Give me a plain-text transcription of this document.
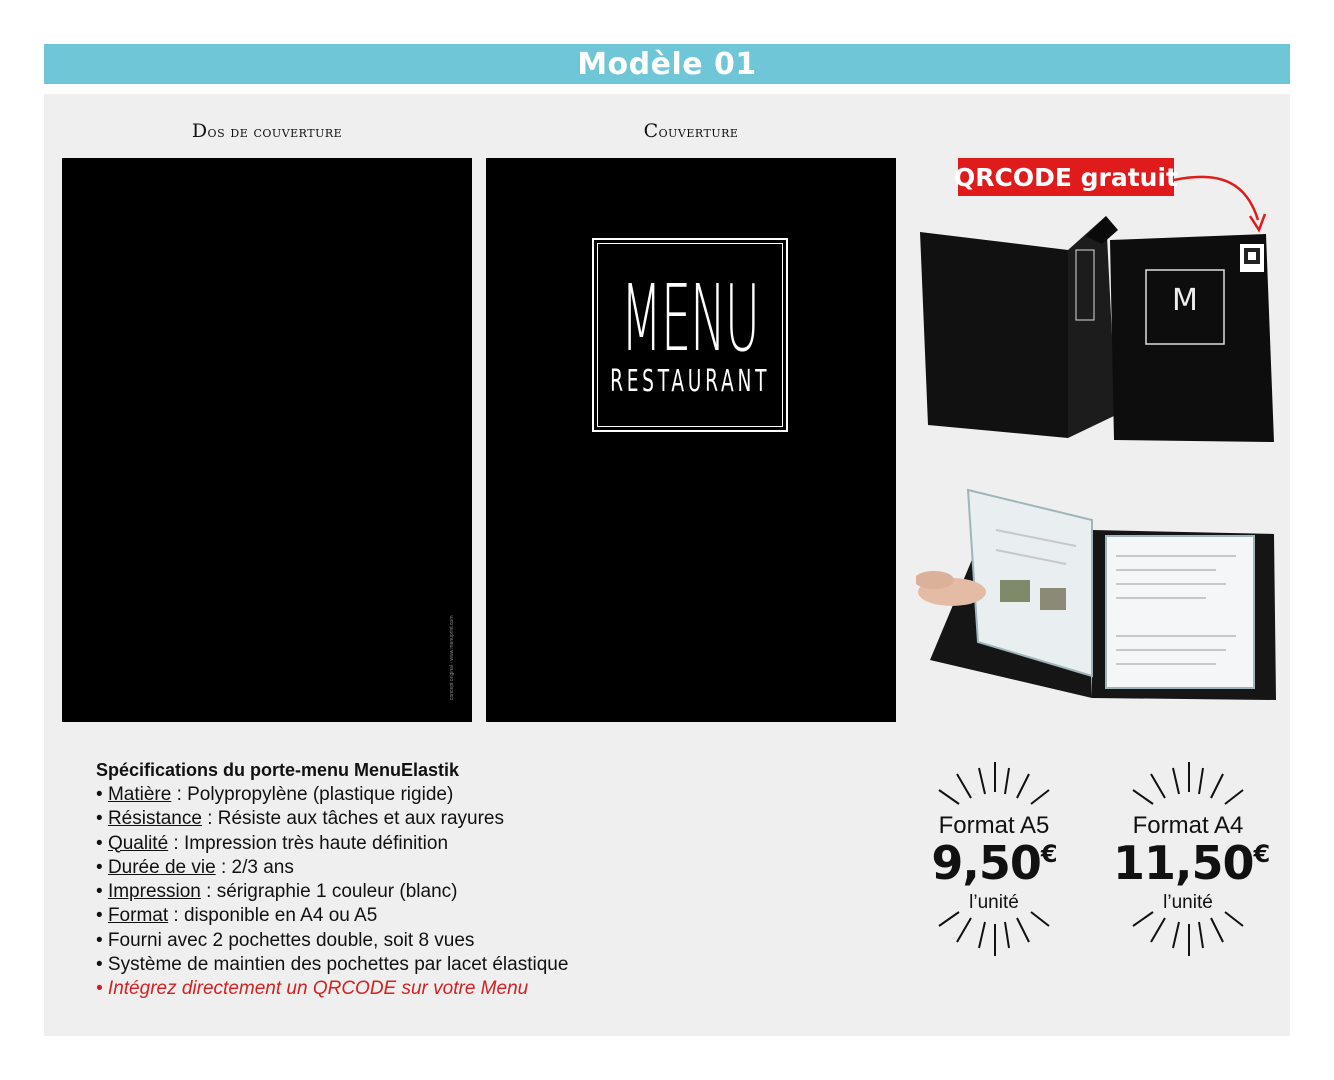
Modèle 01
Dos de couverture	Couverture
concept original - www.menuprint.com
MENU
RESTAURANT
QRCODE gratuit
M
Spécifications du porte-menu MenuElastik
• Matière : Polypropylène (plastique rigide)
• Résistance : Résiste aux tâches et aux rayures
• Qualité : Impression très haute définition
• Durée de vie : 2/3 ans
• Impression : sérigraphie 1 couleur (blanc)
• Format : disponible en A4 ou A5
• Fourni avec 2 pochettes double, soit 8 vues
• Système de maintien des pochettes par lacet élastique
• Intégrez directement un QRCODE sur votre Menu
Format A5
9,50€
l’unité
Format A4
11,50€
l’unité
